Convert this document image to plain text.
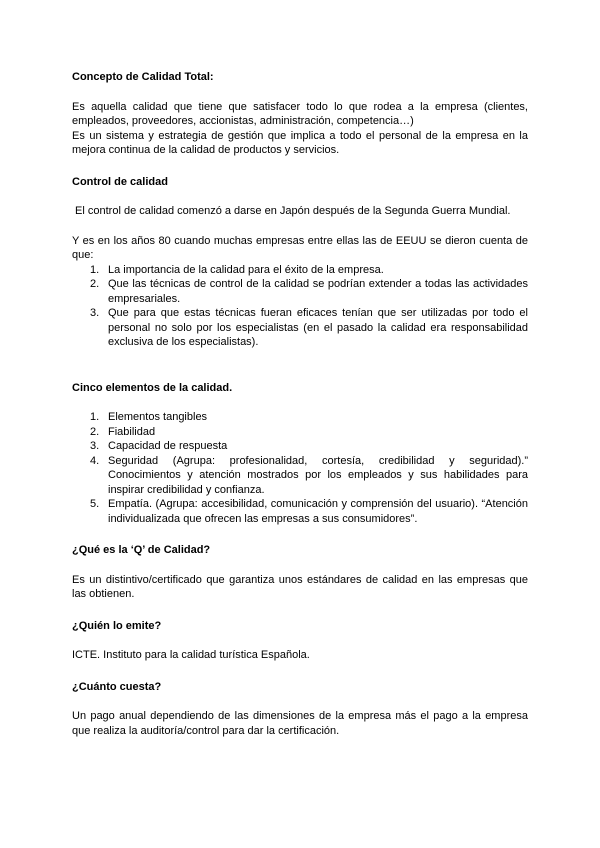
Concepto de Calidad Total:

Es aquella calidad que tiene que satisfacer todo lo que rodea a la empresa (clientes, empleados, proveedores, accionistas, administración, competencia…)

Es un sistema y estrategia de gestión que implica a todo el personal de la empresa en la mejora continua de la calidad de productos y servicios.

Control de calidad

El control de calidad comenzó a darse en Japón después de la Segunda Guerra Mundial.

Y es en los años 80 cuando muchas empresas entre ellas las de EEUU se dieron cuenta de que:

1. La importancia de la calidad para el éxito de la empresa.
2. Que las técnicas de control de la calidad se podrían extender a todas las actividades empresariales.
3. Que para que estas técnicas fueran eficaces tenían que ser utilizadas por todo el personal no solo por los especialistas (en el pasado la calidad era responsabilidad exclusiva de los especialistas).
Cinco elementos de la calidad.
1. Elementos tangibles
2. Fiabilidad
3. Capacidad de respuesta
4. Seguridad (Agrupa: profesionalidad, cortesía, credibilidad y seguridad).” Conocimientos y atención mostrados por los empleados y sus habilidades para inspirar credibilidad y confianza.
5. Empatía. (Agrupa: accesibilidad, comunicación y comprensión del usuario). “Atención individualizada que ofrecen las empresas a sus consumidores”.
¿Qué es la ‘Q’ de Calidad?

Es un distintivo/certificado que garantiza unos estándares de calidad en las empresas que las obtienen.

¿Quién lo emite?

ICTE. Instituto para la calidad turística Española.

¿Cuánto cuesta?

Un pago anual dependiendo de las dimensiones de la empresa más el pago a la empresa que realiza la auditoría/control para dar la certificación.
